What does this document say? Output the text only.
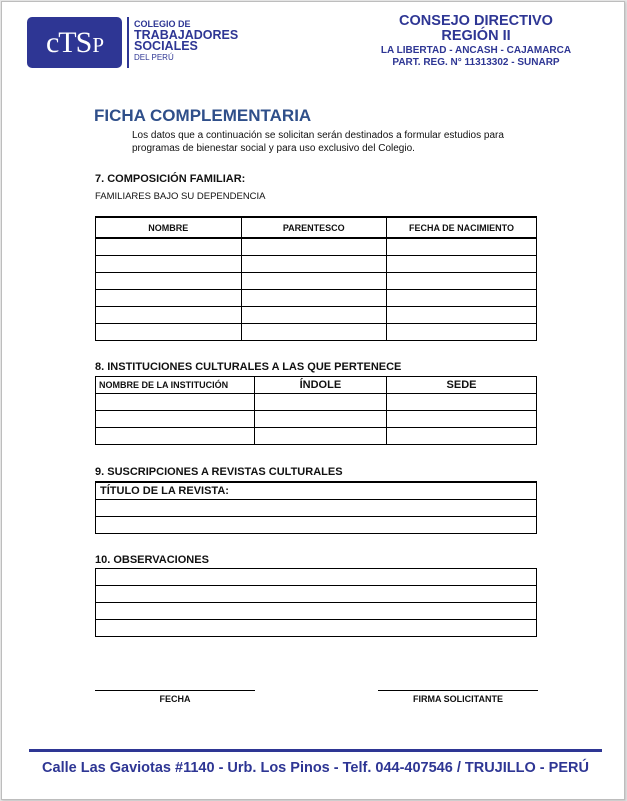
cTS P
COLEGIO DE
TRABAJADORES
SOCIALES
DEL PERÚ
CONSEJO DIRECTIVO
REGIÓN II
LA LIBERTAD - ANCASH - CAJAMARCA
PART. REG. N° 11313302 - SUNARP
FICHA COMPLEMENTARIA
Los datos que a continuación se solicitan serán destinados a formular estudios para programas de bienestar social y para uso exclusivo del Colegio.
7. COMPOSICIÓN FAMILIAR:
FAMILIARES BAJO SU DEPENDENCIA
NOMBRE	PARENTESCO	FECHA DE NACIMIENTO

8. INSTITUCIONES CULTURALES A LAS QUE PERTENECE
NOMBRE DE LA INSTITUCIÓN	ÍNDOLE	SEDE

9. SUSCRIPCIONES A REVISTAS CULTURALES
TÍTULO DE LA REVISTA:

10. OBSERVACIONES

FECHA	FIRMA SOLICITANTE
Calle Las Gaviotas #1140 - Urb. Los Pinos - Telf. 044-407546 / TRUJILLO - PERÚ
